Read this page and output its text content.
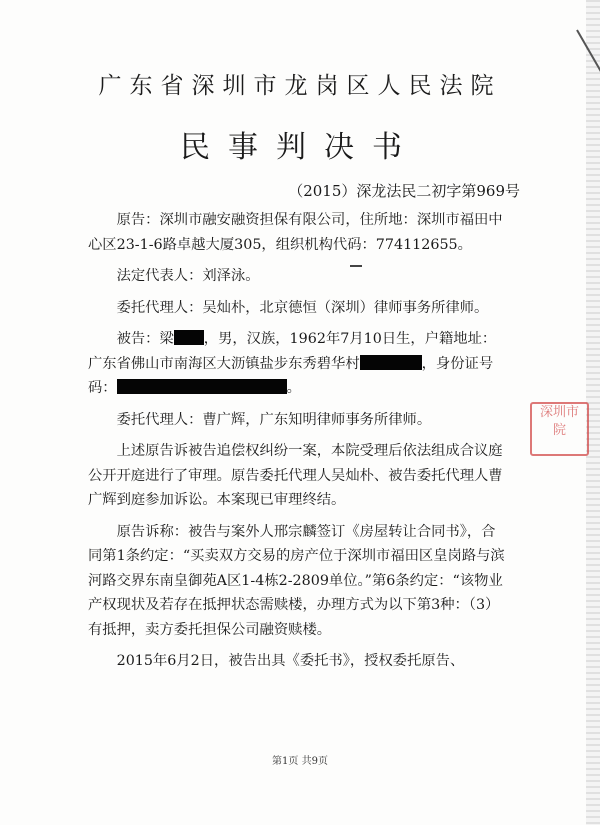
广东省深圳市龙岗区人民法院
民事判决书
（2015）深龙法民二初字第969号

原告：深圳市融安融资担保有限公司，住所地：深圳市福田中心区23-1-6路卓越大厦305，组织机构代码：774112655。

法定代表人：刘泽泳。

委托代理人：吴灿朴，北京德恒（深圳）律师事务所律师。

被告：梁 ，男，汉族，1962年7月10日生，户籍地址：广东省佛山市南海区大沥镇盐步东秀碧华村	，身份证号码：	。

委托代理人：曹广辉，广东知明律师事务所律师。

上述原告诉被告追偿权纠纷一案，本院受理后依法组成合议庭公开开庭进行了审理。原告委托代理人吴灿朴、被告委托代理人曹广辉到庭参加诉讼。本案现已审理终结。

原告诉称：被告与案外人邢宗麟签订《房屋转让合同书》，合同第1条约定：“买卖双方交易的房产位于深圳市福田区皇岗路与滨河路交界东南皇御苑A区1-4栋2-2809单位。”第6条约定：“该物业产权现状及若存在抵押状态需赎楼，办理方式为以下第3种：（3）有抵押，卖方委托担保公司融资赎楼。

2015年6月2日，被告出具《委托书》，授权委托原告、

深圳市
院
第1页 共9页
